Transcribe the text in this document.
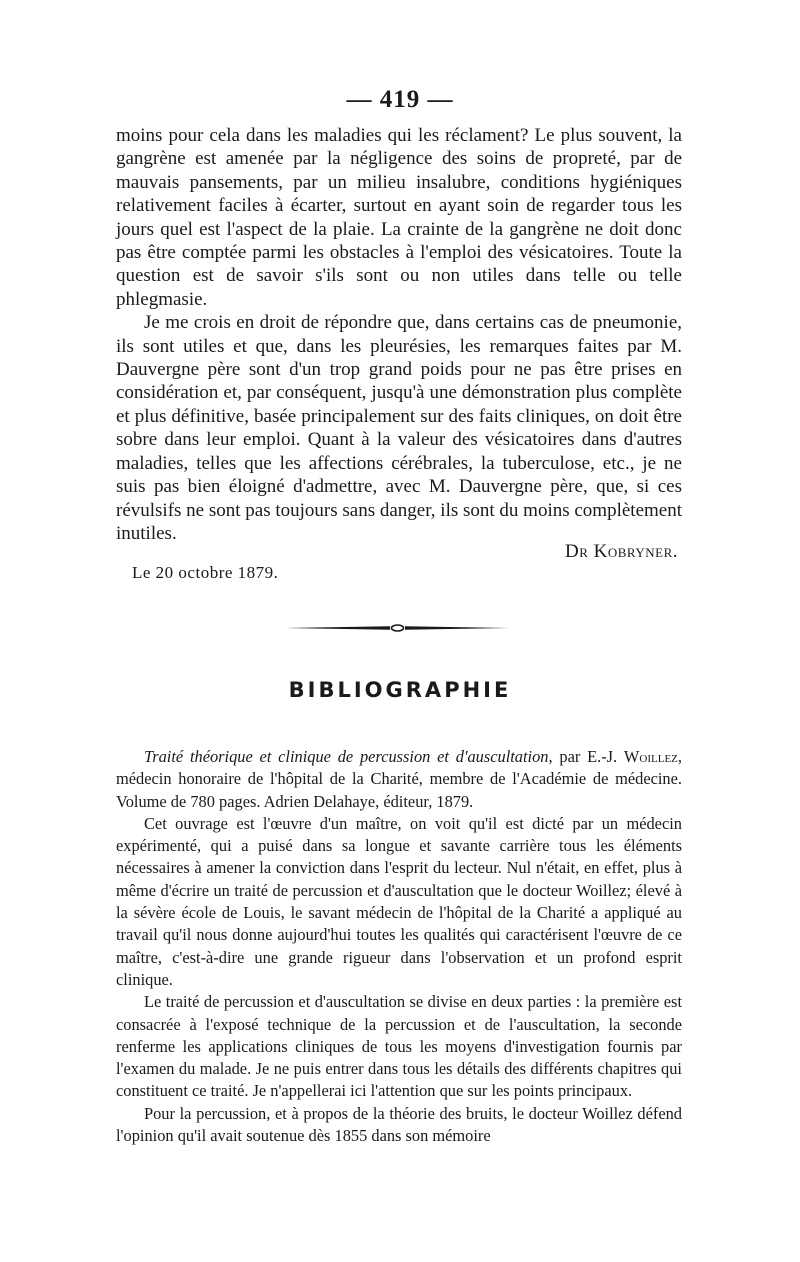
— 419 —

moins pour cela dans les maladies qui les réclament? Le plus souvent, la gangrène est amenée par la négligence des soins de propreté, par de mauvais pansements, par un milieu insalubre, conditions hygiéniques relativement faciles à écarter, surtout en ayant soin de regarder tous les jours quel est l'aspect de la plaie. La crainte de la gangrène ne doit donc pas être comptée parmi les obstacles à l'emploi des vésicatoires. Toute la question est de savoir s'ils sont ou non utiles dans telle ou telle phlegmasie.

Je me crois en droit de répondre que, dans certains cas de pneumonie, ils sont utiles et que, dans les pleurésies, les remarques faites par M. Dauvergne père sont d'un trop grand poids pour ne pas être prises en considération et, par conséquent, jusqu'à une démonstration plus complète et plus définitive, basée principalement sur des faits cliniques, on doit être sobre dans leur emploi. Quant à la valeur des vésicatoires dans d'autres maladies, telles que les affections cérébrales, la tuberculose, etc., je ne suis pas bien éloigné d'admettre, avec M. Dauvergne père, que, si ces révulsifs ne sont pas toujours sans danger, ils sont du moins complètement inutiles.

Dr Kobryner.
Le 20 octobre 1879.
BIBLIOGRAPHIE

Traité théorique et clinique de percussion et d'auscultation, par E.-J. Woillez, médecin honoraire de l'hôpital de la Charité, membre de l'Académie de médecine. Volume de 780 pages. Adrien Delahaye, éditeur, 1879.

Cet ouvrage est l'œuvre d'un maître, on voit qu'il est dicté par un médecin expérimenté, qui a puisé dans sa longue et savante carrière tous les éléments nécessaires à amener la conviction dans l'esprit du lecteur. Nul n'était, en effet, plus à même d'écrire un traité de percussion et d'auscultation que le docteur Woillez; élevé à la sévère école de Louis, le savant médecin de l'hôpital de la Charité a appliqué au travail qu'il nous donne aujourd'hui toutes les qualités qui caractérisent l'œuvre de ce maître, c'est-à-dire une grande rigueur dans l'observation et un profond esprit clinique.

Le traité de percussion et d'auscultation se divise en deux parties : la première est consacrée à l'exposé technique de la percussion et de l'auscultation, la seconde renferme les applications cliniques de tous les moyens d'investigation fournis par l'examen du malade. Je ne puis entrer dans tous les détails des différents chapitres qui constituent ce traité. Je n'appellerai ici l'attention que sur les points principaux.

Pour la percussion, et à propos de la théorie des bruits, le docteur Woillez défend l'opinion qu'il avait soutenue dès 1855 dans son mémoire
